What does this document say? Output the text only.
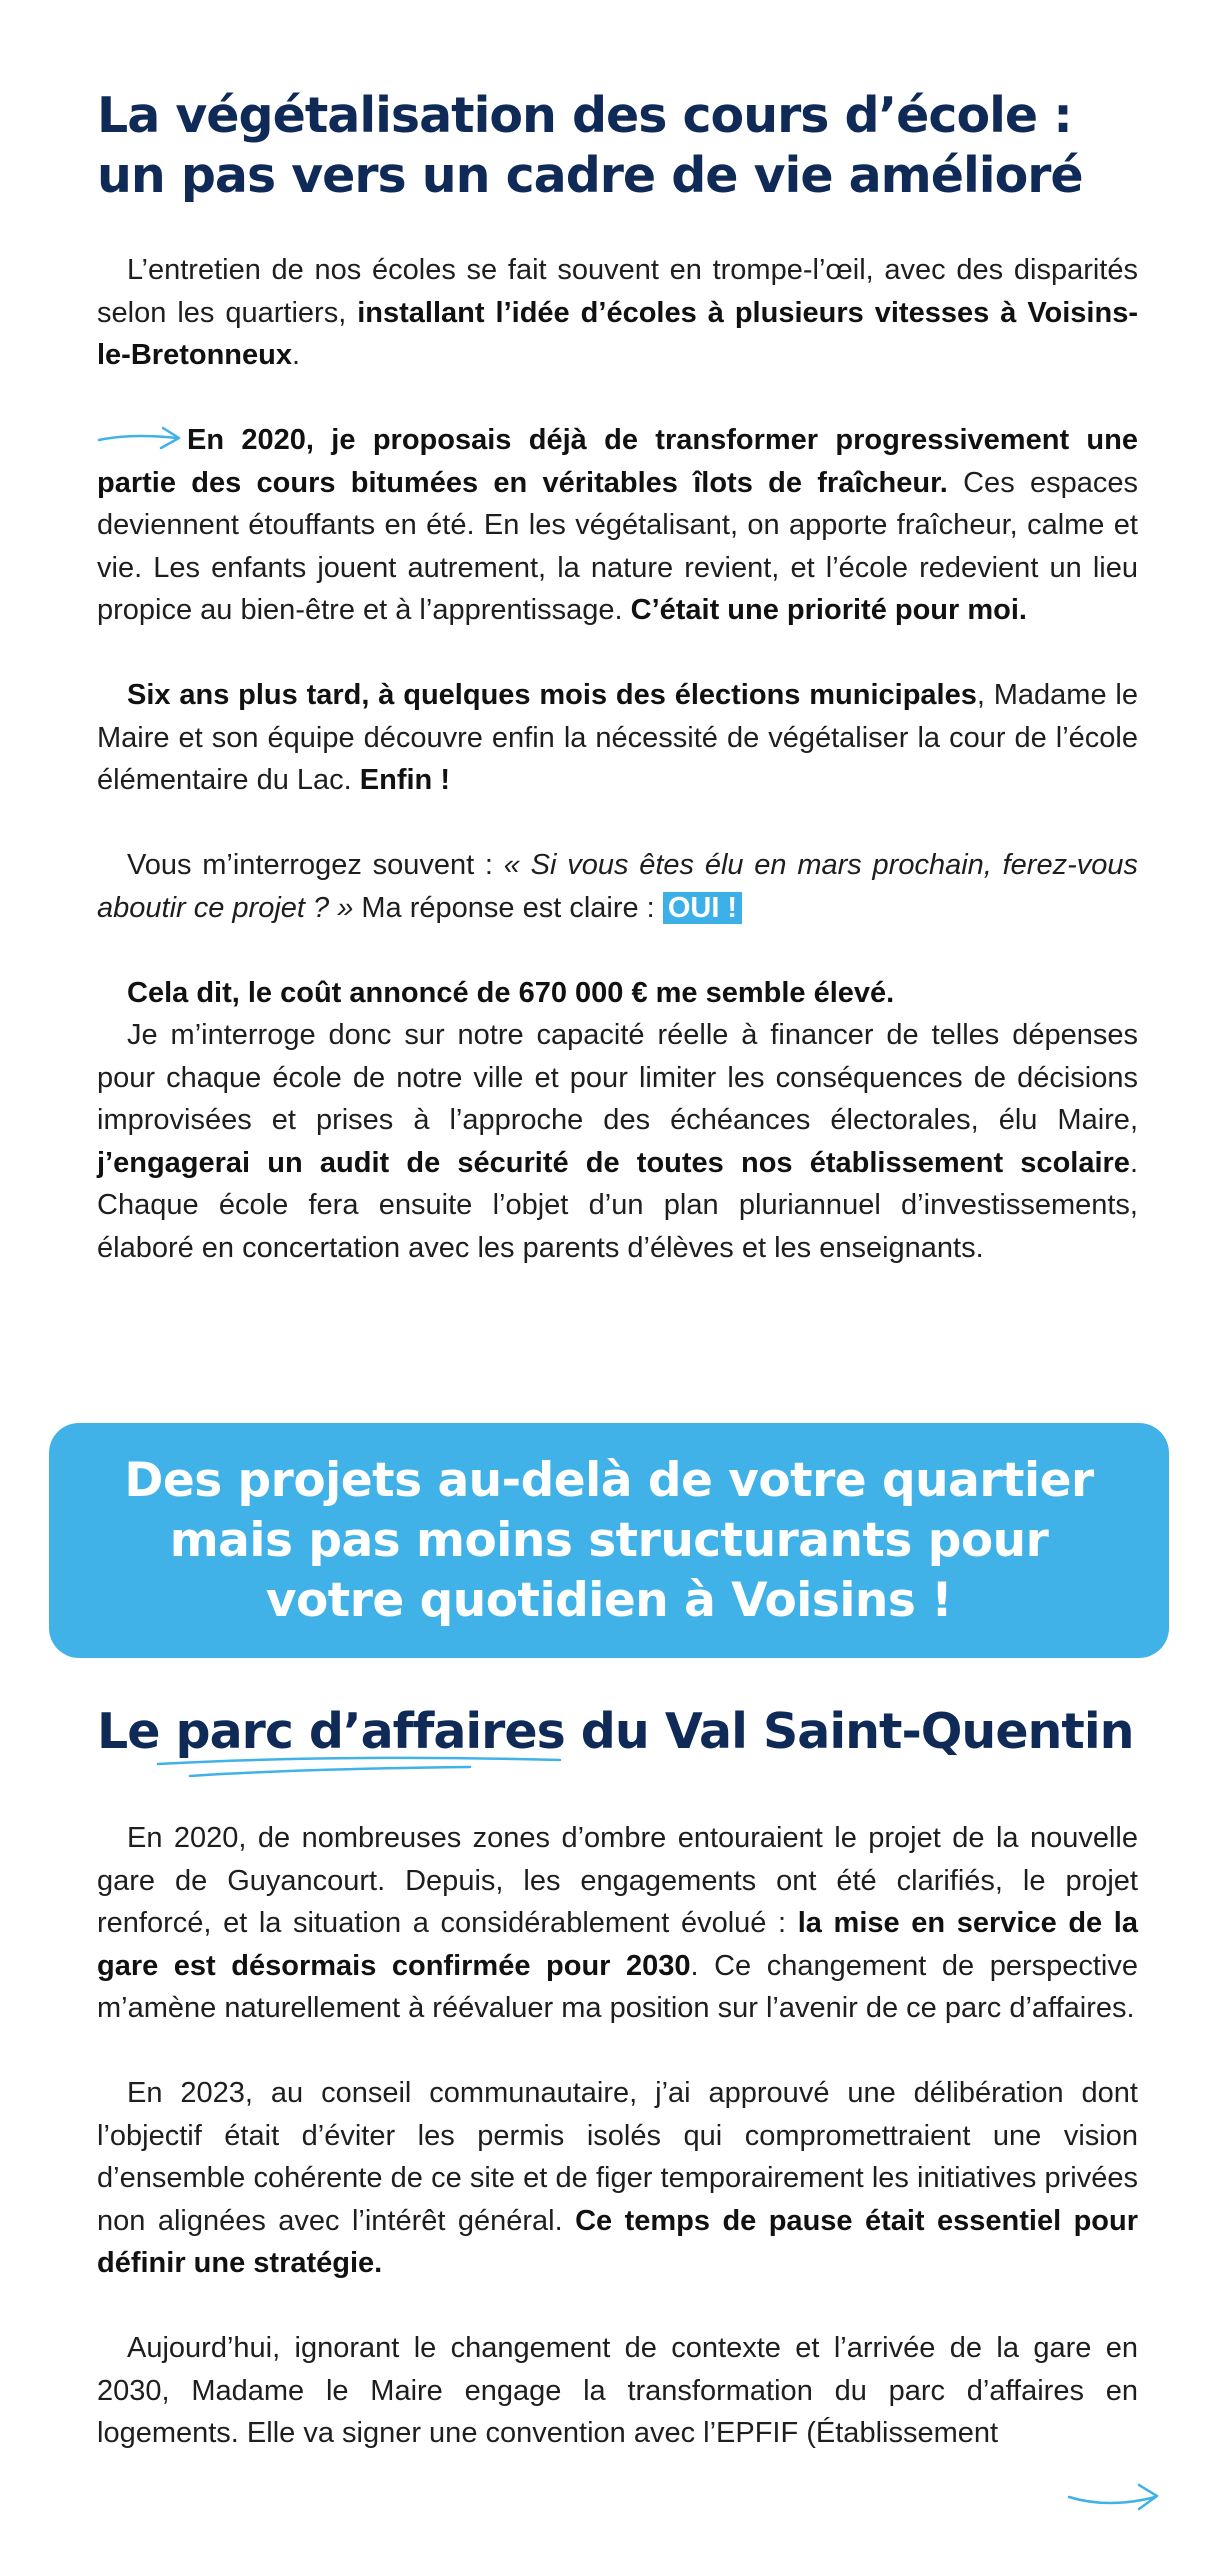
La végétalisation des cours d’école :
un pas vers un cadre de vie amélioré

L’entretien de nos écoles se fait souvent en trompe-l’œil, avec des disparités selon les quartiers, installant l’idée d’écoles à plusieurs vitesses à Voisins-le-Bretonneux.

En 2020, je proposais déjà de transformer progressivement une partie des cours bitumées en véritables îlots de fraîcheur. Ces espaces deviennent étouffants en été. En les végétalisant, on apporte fraîcheur, calme et vie. Les enfants jouent autrement, la nature revient, et l’école redevient un lieu propice au bien-être et à l’apprentissage. C’était une priorité pour moi.

Six ans plus tard, à quelques mois des élections municipales, Madame le Maire et son équipe découvre enfin la nécessité de végétaliser la cour de l’école élémentaire du Lac. Enfin !

Vous m’interrogez souvent : « Si vous êtes élu en mars prochain, ferez-vous aboutir ce projet ? » Ma réponse est claire : OUI !

Cela dit, le coût annoncé de 670 000 € me semble élevé.

Je m’interroge donc sur notre capacité réelle à financer de telles dépenses pour chaque école de notre ville et pour limiter les conséquences de décisions improvisées et prises à l’approche des échéances électorales, élu Maire, j’engagerai un audit de sécurité de toutes nos établissement scolaire. Chaque école fera ensuite l’objet d’un plan pluriannuel d’investissements, élaboré en concertation avec les parents d’élèves et les enseignants.

Des projets au-delà de votre quartier
mais pas moins structurants pour
votre quotidien à Voisins !
Le parc d’affaires du Val Saint-Quentin

En 2020, de nombreuses zones d’ombre entouraient le projet de la nouvelle gare de Guyancourt. Depuis, les engagements ont été clarifiés, le projet renforcé, et la situation a considérablement évolué : la mise en service de la gare est désormais confirmée pour 2030. Ce changement de perspective m’amène naturellement à réévaluer ma position sur l’avenir de ce parc d’affaires.

En 2023, au conseil communautaire, j’ai approuvé une délibération dont l’objectif était d’éviter les permis isolés qui compromettraient une vision d’ensemble cohérente de ce site et de figer temporairement les initiatives privées non alignées avec l’intérêt général. Ce temps de pause était essentiel pour définir une stratégie.

Aujourd’hui, ignorant le changement de contexte et l’arrivée de la gare en 2030, Madame le Maire engage la transformation du parc d’affaires en logements. Elle va signer une convention avec l’EPFIF (Établissement
